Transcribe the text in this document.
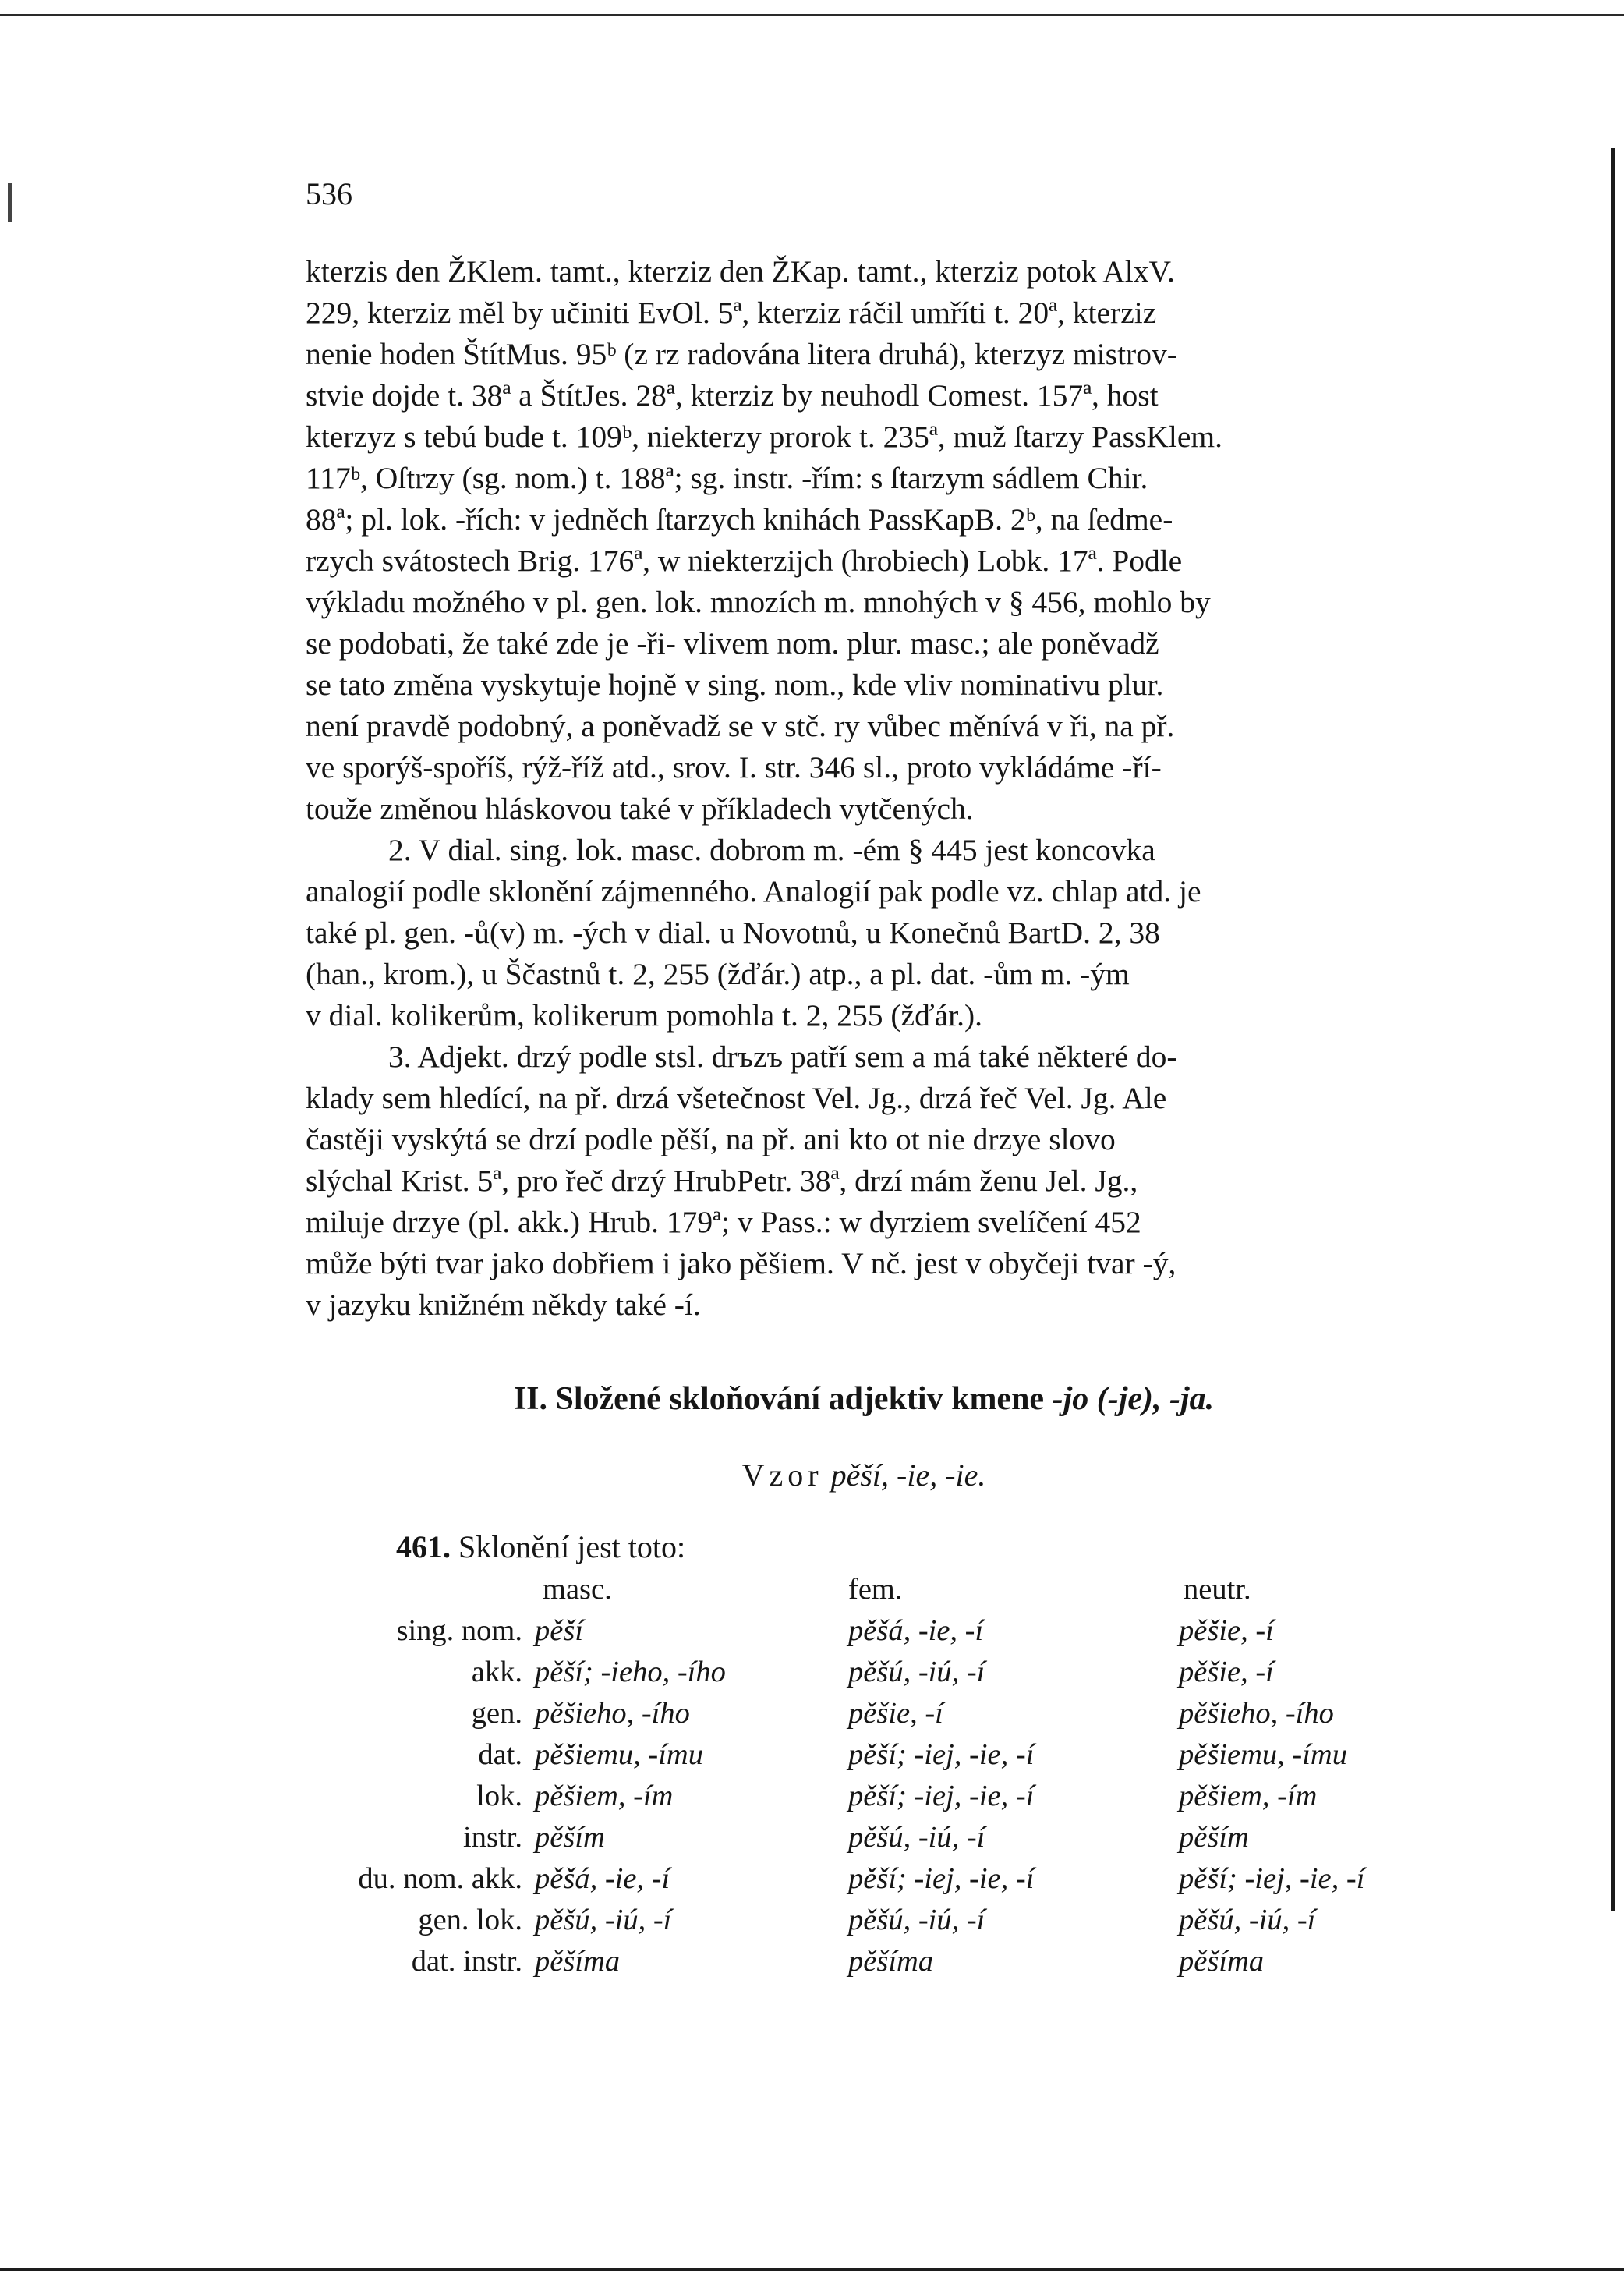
536
kterzis den ŽKlem. tamt., kterziz den ŽKap. tamt., kterziz potok AlxV.
229, kterziz měl by učiniti EvOl. 5ª, kterziz ráčil umříti t. 20ª, kterziz
nenie hoden ŠtítMus. 95ᵇ (z rz radována litera druhá), kterzyz mistrov-
stvie dojde t. 38ª a ŠtítJes. 28ª, kterziz by neuhodl Comest. 157ª, host
kterzyz s tebú bude t. 109ᵇ, niekterzy prorok t. 235ª, muž ſtarzy PassKlem.
117ᵇ, Oſtrzy (sg. nom.) t. 188ª; sg. instr. -řím: s ſtarzym sádlem Chir.
88ª; pl. lok. -řích: v jedněch ſtarzych knihách PassKapB. 2ᵇ, na ſedme-
rzych svátostech Brig. 176ª, w niekterzijch (hrobiech) Lobk. 17ª. Podle
výkladu možného v pl. gen. lok. mnozích m. mnohých v § 456, mohlo by
se podobati, že také zde je -ři- vlivem nom. plur. masc.; ale poněvadž
se tato změna vyskytuje hojně v sing. nom., kde vliv nominativu plur.
není pravdě podobný, a poněvadž se v stč. ry vůbec měnívá v ři, na př.
ve sporýš-spoříš, rýž-říž atd., srov. I. str. 346 sl., proto vykládáme -ří-
touže změnou hláskovou také v příkladech vytčených.
2. V dial. sing. lok. masc. dobrom m. -ém § 445 jest koncovka
analogií podle sklonění zájmenného. Analogií pak podle vz. chlap atd. je
také pl. gen. -ů(v) m. -ých v dial. u Novotnů, u Konečnů BartD. 2, 38
(han., krom.), u Ščastnů t. 2, 255 (žďár.) atp., a pl. dat. -ům m. -ým
v dial. kolikerům, kolikerum pomohla t. 2, 255 (žďár.).
3. Adjekt. drzý podle stsl. drъzъ patří sem a má také některé do-
klady sem hledící, na př. drzá všetečnost Vel. Jg., drzá řeč Vel. Jg. Ale
častěji vyskýtá se drzí podle pěší, na př. ani kto ot nie drzye slovo
slýchal Krist. 5ª, pro řeč drzý HrubPetr. 38ª, drzí mám ženu Jel. Jg.,
miluje drzye (pl. akk.) Hrub. 179ª; v Pass.: w dyrziem svelíčení 452
může býti tvar jako dobřiem i jako pěšiem. V nč. jest v obyčeji tvar -ý,
v jazyku knižném někdy také -í.
II. Složené skloňování adjektiv kmene -jo (-je), -ja.
Vzor pěší, -ie, -ie.
461. Sklonění jest toto:
sing. nom.
akk.
gen.
dat.
lok.
instr.
du. nom. akk.
gen. lok.
dat. instr.
masc.
pěší
pěší; -ieho, -ího
pěšieho, -ího
pěšiemu, -ímu
pěšiem, -ím
pěším
pěšá, -ie, -í
pěšú, -iú, -í
pěšíma
fem.
pěšá, -ie, -í
pěšú, -iú, -í
pěšie, -í
pěší; -iej, -ie, -í
pěší; -iej, -ie, -í
pěšú, -iú, -í
pěší; -iej, -ie, -í
pěšú, -iú, -í
pěšíma
neutr.
pěšie, -í
pěšie, -í
pěšieho, -ího
pěšiemu, -ímu
pěšiem, -ím
pěším
pěší; -iej, -ie, -í
pěšú, -iú, -í
pěšíma
